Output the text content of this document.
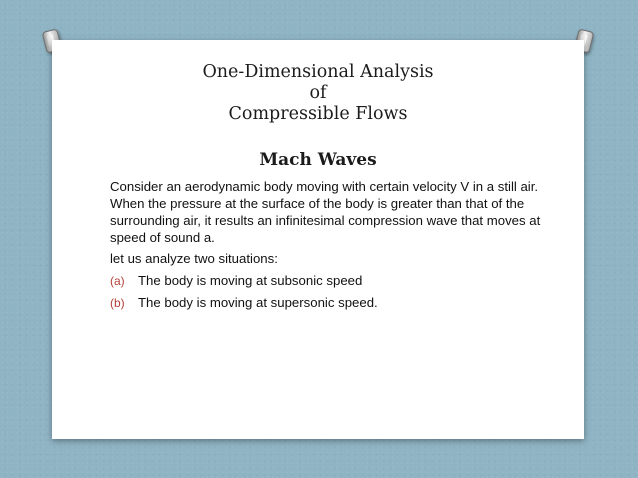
One-Dimensional Analysis
of
Compressible Flows
Mach Waves

Consider an aerodynamic body moving with certain velocity V in a still air. When the pressure at the surface of the body is greater than that of the surrounding air, it results an infinitesimal compression wave that moves at speed of sound a.

let us analyze two situations:

(a) The body is moving at subsonic speed
(b) The body is moving at supersonic speed.
